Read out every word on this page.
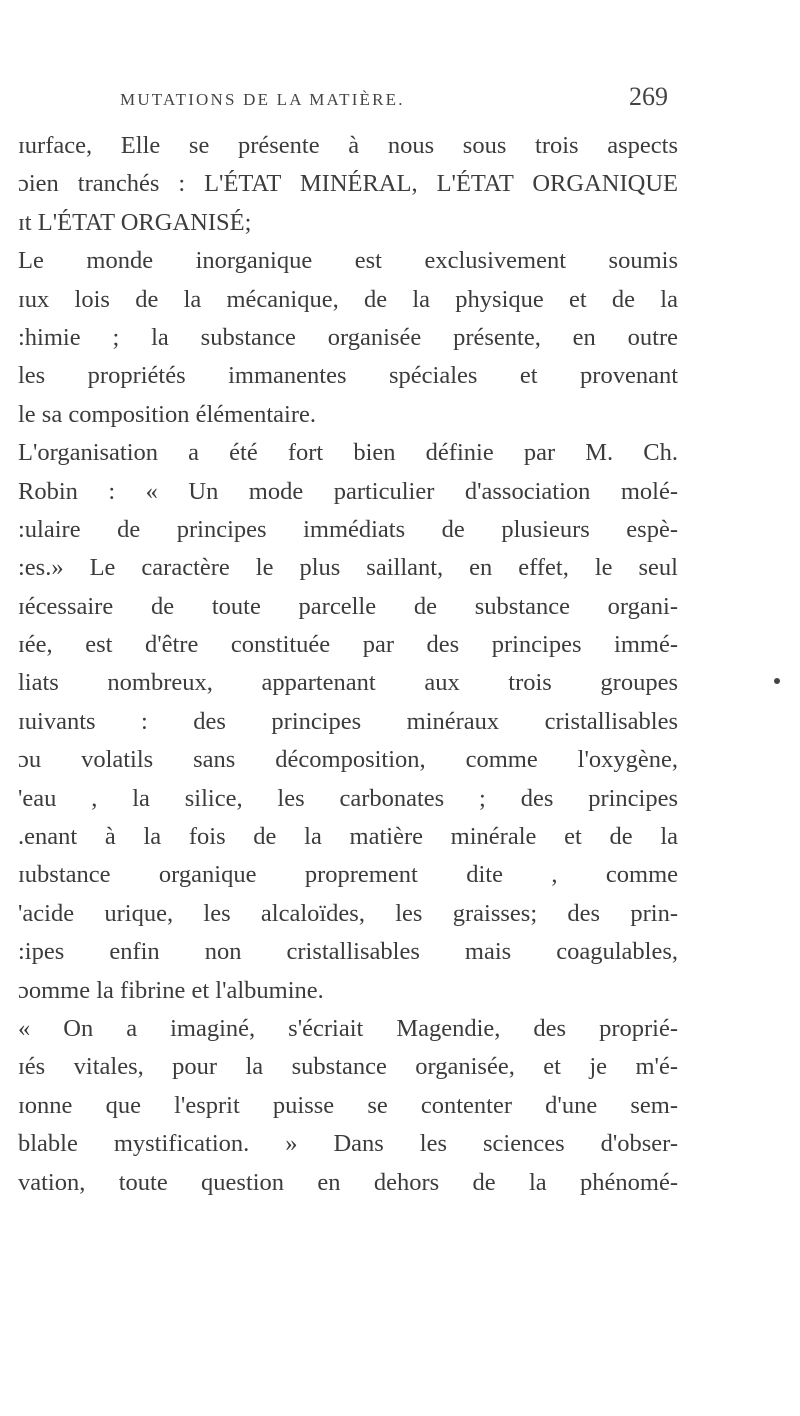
MUTATIONS DE LA MATIÈRE.	269
ɪurface, Elle se présente à nous sous trois aspects
ɔien tranchés : L'ÉTAT MINÉRAL, L'ÉTAT ORGANIQUE
ɪt L'ÉTAT ORGANISÉ;
Le monde inorganique est exclusivement soumis
ɪux lois de la mécanique, de la physique et de la
:himie ; la substance organisée présente, en outre
les propriétés immanentes spéciales et provenant
le sa composition élémentaire.
L'organisation a été fort bien définie par M. Ch.
Robin : « Un mode particulier d'association molé-
:ulaire de principes immédiats de plusieurs espè-
:es.» Le caractère le plus saillant, en effet, le seul
ɪécessaire de toute parcelle de substance organi-
ɪée, est d'être constituée par des principes immé-
liats nombreux, appartenant aux trois groupes
ɪuivants : des principes minéraux cristallisables
ɔu volatils sans décomposition, comme l'oxygène,
'eau , la silice, les carbonates ; des principes
.enant à la fois de la matière minérale et de la
ɪubstance organique proprement dite , comme
'acide urique, les alcaloïdes, les graisses; des prin-
:ipes enfin non cristallisables mais coagulables,
ɔomme la fibrine et l'albumine.
« On a imaginé, s'écriait Magendie, des proprié-
ɪés vitales, pour la substance organisée, et je m'é-
ɪonne que l'esprit puisse se contenter d'une sem-
blable mystification. » Dans les sciences d'obser-
vation, toute question en dehors de la phénomé-
